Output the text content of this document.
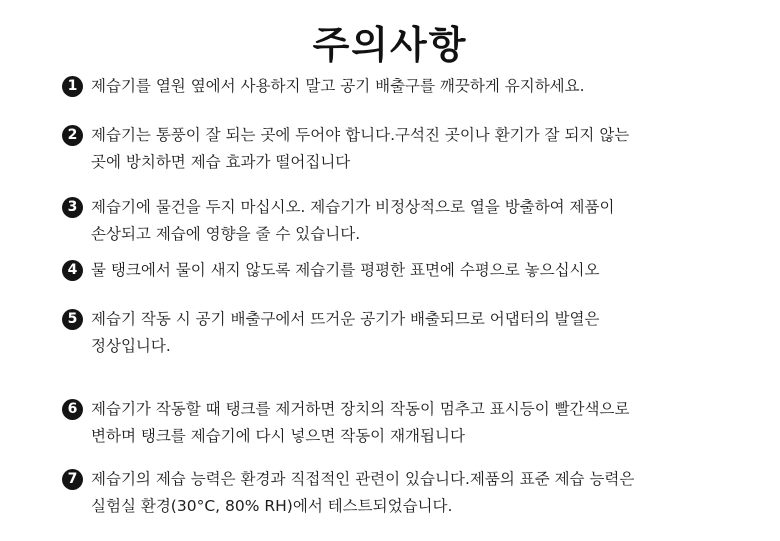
주의사항
1 제습기를 열원 옆에서 사용하지 말고 공기 배출구를 깨끗하게 유지하세요.
2 제습기는 통풍이 잘 되는 곳에 두어야 합니다.구석진 곳이나 환기가 잘 되지 않는
곳에 방치하면 제습 효과가 떨어집니다
3 제습기에 물건을 두지 마십시오. 제습기가 비정상적으로 열을 방출하여 제품이
손상되고 제습에 영향을 줄 수 있습니다.
4 물 탱크에서 물이 새지 않도록 제습기를 평평한 표면에 수평으로 놓으십시오
5 제습기 작동 시 공기 배출구에서 뜨거운 공기가 배출되므로 어댑터의 발열은
정상입니다.
6 제습기가 작동할 때 탱크를 제거하면 장치의 작동이 멈추고 표시등이 빨간색으로
변하며 탱크를 제습기에 다시 넣으면 작동이 재개됩니다
7 제습기의 제습 능력은 환경과 직접적인 관련이 있습니다.제품의 표준 제습 능력은
실험실 환경(30°C, 80% RH)에서 테스트되었습니다.
